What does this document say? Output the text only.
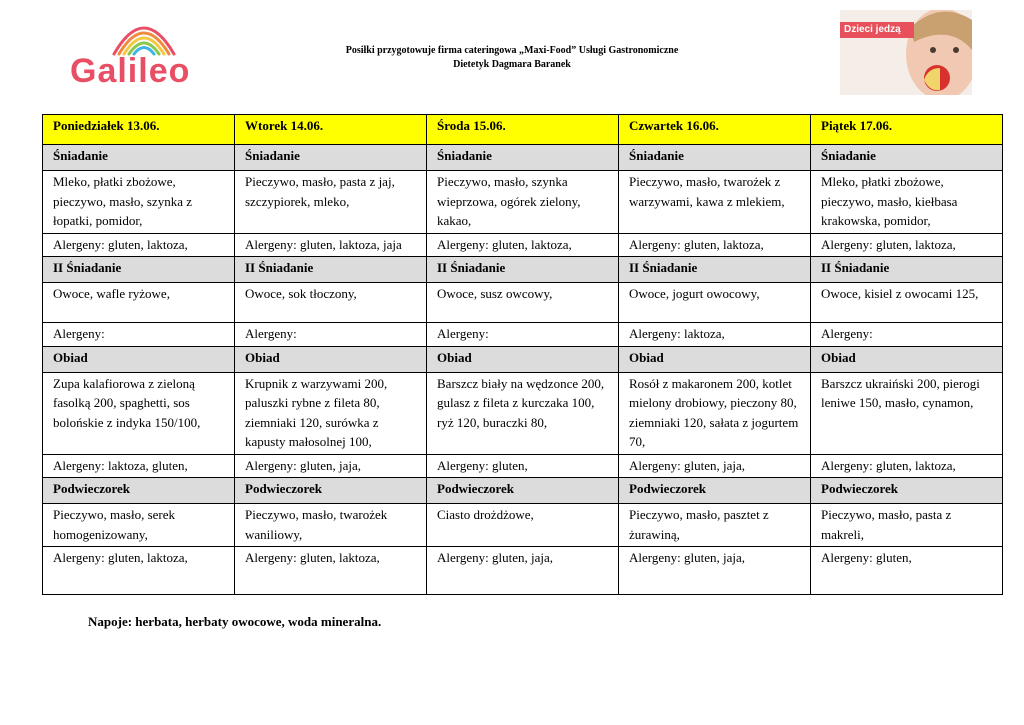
Galileo
Posiłki przygotowuje firma cateringowa „Maxi-Food” Usługi Gastronomiczne
Dietetyk Dagmara Baranek
Dzieci jedzą
Poniedziałek 13.06.	Wtorek 14.06.	Środa 15.06.	Czwartek 16.06.	Piątek 17.06.
Śniadanie	Śniadanie	Śniadanie	Śniadanie	Śniadanie
Mleko, płatki zbożowe, pieczywo, masło, szynka z łopatki, pomidor,	Pieczywo, masło, pasta z jaj, szczypiorek, mleko,	Pieczywo, masło, szynka wieprzowa, ogórek zielony, kakao,	Pieczywo, masło, twarożek z warzywami, kawa z mlekiem,	Mleko, płatki zbożowe, pieczywo, masło, kiełbasa krakowska, pomidor,
Alergeny: gluten, laktoza,	Alergeny: gluten, laktoza, jaja	Alergeny: gluten, laktoza,	Alergeny: gluten, laktoza,	Alergeny: gluten, laktoza,
II Śniadanie	II Śniadanie	II Śniadanie	II Śniadanie	II Śniadanie
Owoce, wafle ryżowe,	Owoce, sok tłoczony,	Owoce, susz owcowy,	Owoce, jogurt owocowy,	Owoce, kisiel z owocami 125,
Alergeny:	Alergeny:	Alergeny:	Alergeny: laktoza,	Alergeny:
Obiad	Obiad	Obiad	Obiad	Obiad
Zupa kalafiorowa z zieloną fasolką 200, spaghetti, sos bolońskie z indyka 150/100,	Krupnik z warzywami 200, paluszki rybne z fileta 80, ziemniaki 120, surówka z kapusty małosolnej 100,	Barszcz biały na wędzonce 200, gulasz z fileta z kurczaka 100, ryż 120, buraczki 80,	Rosół z makaronem 200, kotlet mielony drobiowy, pieczony 80, ziemniaki 120, sałata z jogurtem 70,	Barszcz ukraiński 200, pierogi leniwe 150, masło, cynamon,
Alergeny: laktoza, gluten,	Alergeny: gluten, jaja,	Alergeny: gluten,	Alergeny: gluten, jaja,	Alergeny: gluten, laktoza,
Podwieczorek	Podwieczorek	Podwieczorek	Podwieczorek	Podwieczorek
Pieczywo, masło, serek homogenizowany,	Pieczywo, masło, twarożek waniliowy,	Ciasto drożdżowe,	Pieczywo, masło, pasztet z żurawiną,	Pieczywo, masło, pasta z makreli,
Alergeny: gluten, laktoza,	Alergeny: gluten, laktoza,	Alergeny: gluten, jaja,	Alergeny: gluten, jaja,	Alergeny: gluten,
Napoje: herbata, herbaty owocowe, woda mineralna.
